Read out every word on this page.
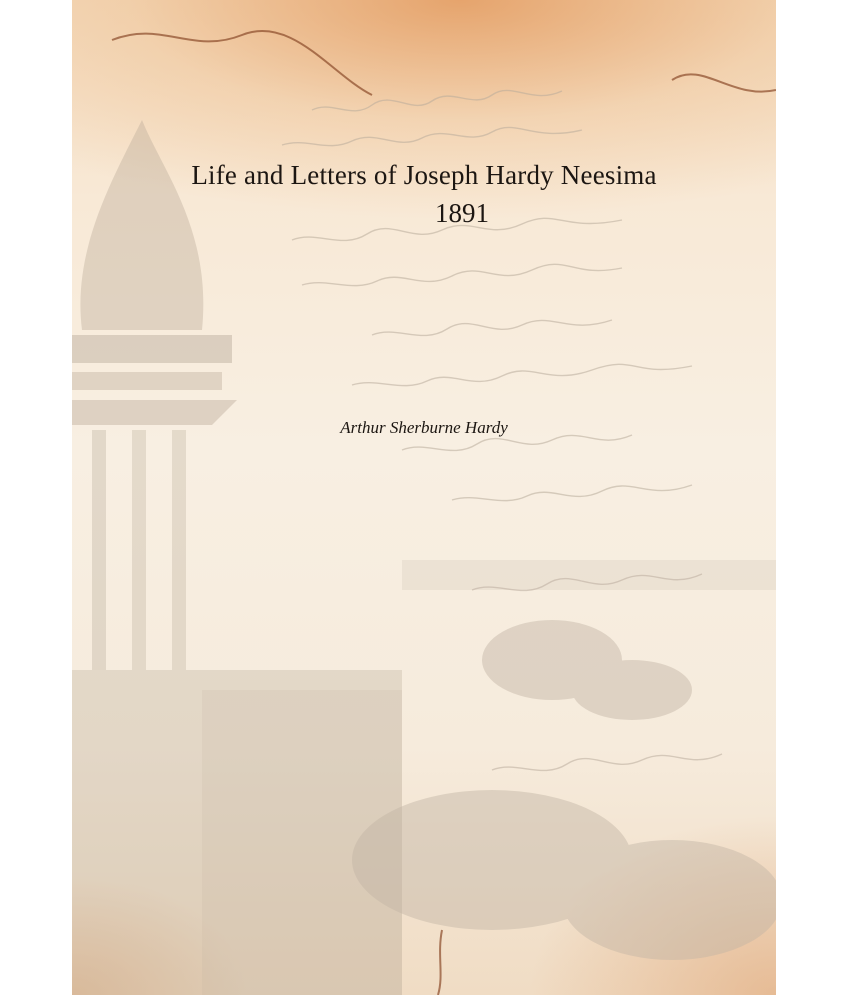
Life and Letters of Joseph Hardy Neesima
1891
Arthur Sherburne Hardy
